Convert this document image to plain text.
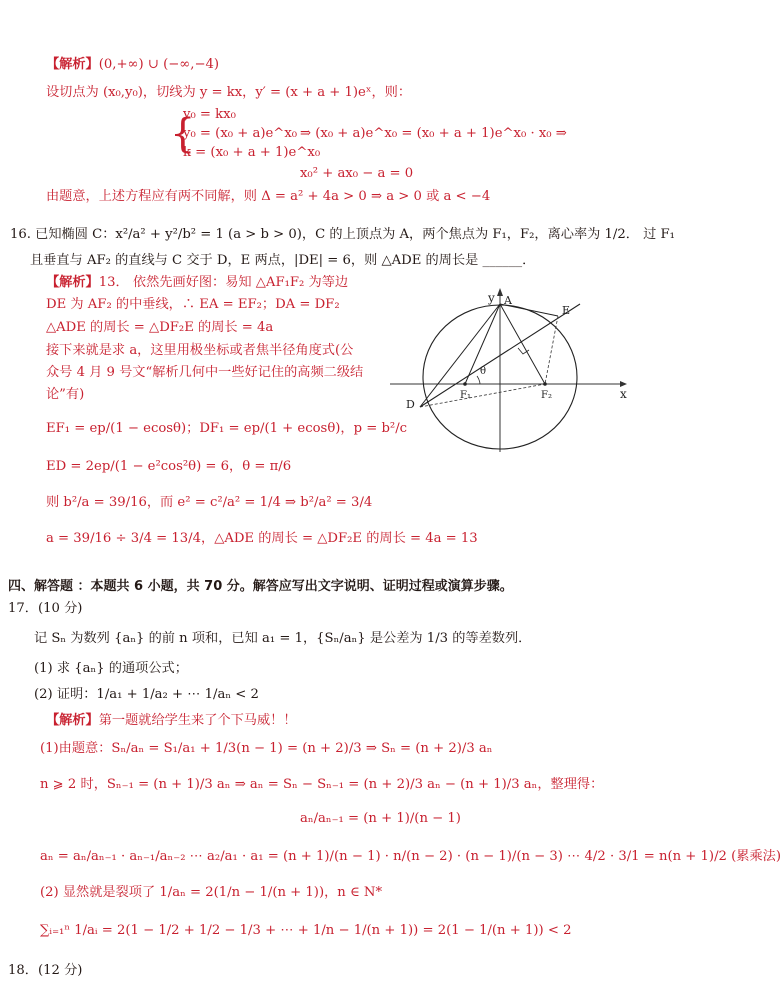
【解析】(0,+∞) ∪ (−∞,−4)
设切点为 (x₀,y₀)，切线为 y = kx，y′ = (x + a + 1)eˣ，则：
{
y₀ = kx₀
y₀ = (x₀ + a)e^x₀
k = (x₀ + a + 1)e^x₀
⇒ (x₀ + a)e^x₀ = (x₀ + a + 1)e^x₀ · x₀ ⇒
x₀² + ax₀ − a = 0
由题意，上述方程应有两不同解，则 Δ = a² + 4a > 0 ⇒ a > 0 或 a < −4
16. 已知椭圆 C：x²/a² + y²/b² = 1 (a > b > 0)，C 的上顶点为 A，两个焦点为 F₁，F₂，离心率为 1/2． 过 F₁
且垂直与 AF₂ 的直线与 C 交于 D，E 两点，|DE| = 6，则 △ADE 的周长是 ______．
【解析】13． 依然先画好图：易知 △AF₁F₂ 为等边
DE 为 AF₂ 的中垂线，∴ EA = EF₂；DA = DF₂
△ADE 的周长 = △DF₂E 的周长 = 4a
接下来就是求 a，这里用极坐标或者焦半径角度式(公
众号 4 月 9 号文“解析几何中一些好记住的高频二级结
论”有)
EF₁ = ep/(1 − ecosθ)；DF₁ = ep/(1 + ecosθ)，p = b²/c
ED = 2ep/(1 − e²cos²θ) = 6，θ = π/6
则 b²/a = 39/16，而 e² = c²/a² = 1/4 ⇒ b²/a² = 3/4
a = 39/16 ÷ 3/4 = 13/4，△ADE 的周长 = △DF₂E 的周长 = 4a = 13
y A
E
D
F₁	F₂
θ
x
四、解答题 ：本题共 6 小题，共 70 分。解答应写出文字说明、证明过程或演算步骤。
17．(10 分)
记 Sₙ 为数列 {aₙ} 的前 n 项和，已知 a₁ = 1，{Sₙ/aₙ} 是公差为 1/3 的等差数列．
(1) 求 {aₙ} 的通项公式；
(2) 证明：1/a₁ + 1/a₂ + ⋯ 1/aₙ < 2
【解析】第一题就给学生来了个下马威！！
(1)由题意：Sₙ/aₙ = S₁/a₁ + 1/3(n − 1) = (n + 2)/3 ⇒ Sₙ = (n + 2)/3 aₙ
n ⩾ 2 时，Sₙ₋₁ = (n + 1)/3 aₙ ⇒ aₙ = Sₙ − Sₙ₋₁ = (n + 2)/3 aₙ − (n + 1)/3 aₙ，整理得：
aₙ/aₙ₋₁ = (n + 1)/(n − 1)
aₙ = aₙ/aₙ₋₁ · aₙ₋₁/aₙ₋₂ ⋯ a₂/a₁ · a₁ = (n + 1)/(n − 1) · n/(n − 2) · (n − 1)/(n − 3) ⋯ 4/2 · 3/1 = n(n + 1)/2 (累乘法)
(2) 显然就是裂项了 1/aₙ = 2(1/n − 1/(n + 1))，n ∈ N*
∑ᵢ₌₁ⁿ 1/aᵢ = 2(1 − 1/2 + 1/2 − 1/3 + ⋯ + 1/n − 1/(n + 1)) = 2(1 − 1/(n + 1)) < 2
18．(12 分)
